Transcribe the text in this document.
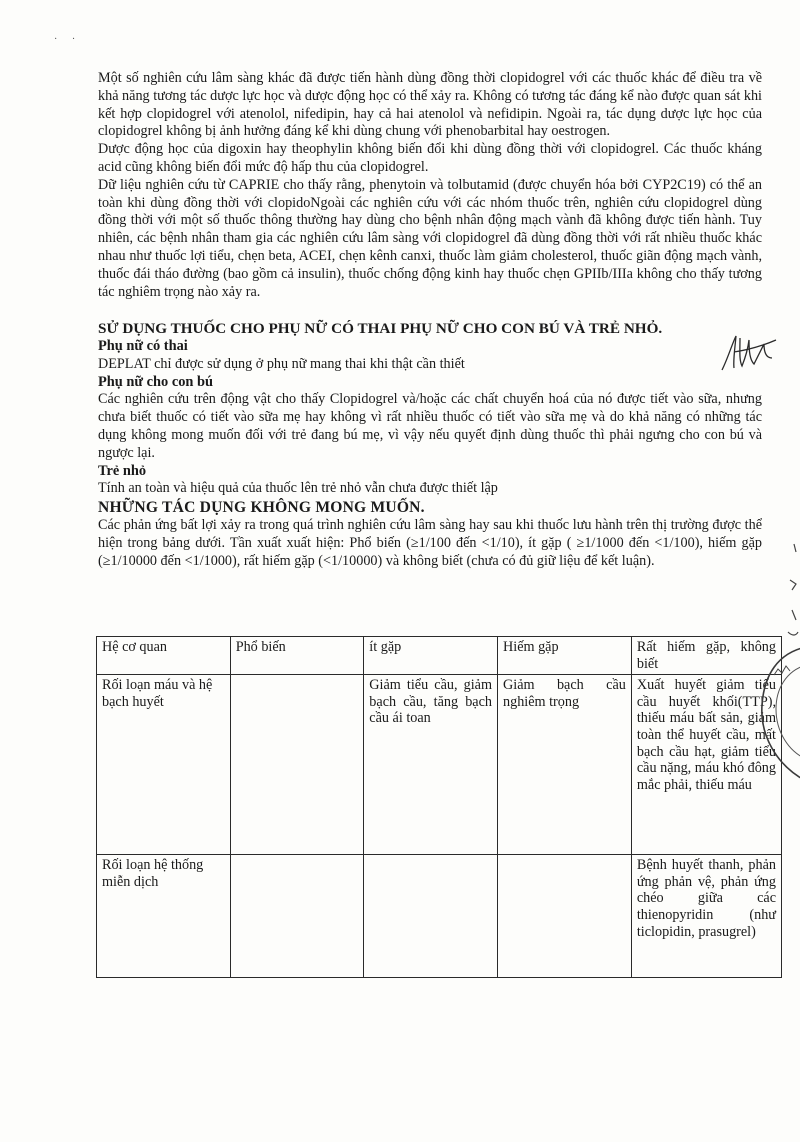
· ·

Một số nghiên cứu lâm sàng khác đã được tiến hành dùng đồng thời clopidogrel với các thuốc khác để điều tra về khả năng tương tác dược lực học và dược động học có thể xảy ra. Không có tương tác đáng kể nào được quan sát khi kết hợp clopidogrel với atenolol, nifedipin, hay cả hai atenolol và nefidipin. Ngoài ra, tác dụng dược lực học của clopidogrel không bị ảnh hưởng đáng kể khi dùng chung với phenobarbital hay oestrogen.

Dược động học của digoxin hay theophylin không biến đổi khi dùng đồng thời với clopidogrel. Các thuốc kháng acid cũng không biến đổi mức độ hấp thu của clopidogrel.

Dữ liệu nghiên cứu từ CAPRIE cho thấy rằng, phenytoin và tolbutamid (được chuyển hóa bởi CYP2C19) có thể an toàn khi dùng đồng thời với clopidoNgoài các nghiên cứu với các nhóm thuốc trên, nghiên cứu clopidogrel dùng đồng thời với một số thuốc thông thường hay dùng cho bệnh nhân động mạch vành đã không được tiến hành. Tuy nhiên, các bệnh nhân tham gia các nghiên cứu lâm sàng với clopidogrel đã dùng đồng thời với rất nhiều thuốc khác nhau như thuốc lợi tiểu, chẹn beta, ACEI, chẹn kênh canxi, thuốc làm giảm cholesterol, thuốc giãn động mạch vành, thuốc đái tháo đường (bao gồm cả insulin), thuốc chống động kinh hay thuốc chẹn GPIIb/IIIa không cho thấy tương tác nghiêm trọng nào xảy ra.

SỬ DỤNG THUỐC CHO PHỤ NỮ CÓ THAI PHỤ NỮ CHO CON BÚ VÀ TRẺ NHỎ.

Phụ nữ có thai

DEPLAT chỉ được sử dụng ở phụ nữ mang thai khi thật cần thiết

Phụ nữ cho con bú

Các nghiên cứu trên động vật cho thấy Clopidogrel và/hoặc các chất chuyển hoá của nó được tiết vào sữa, nhưng chưa biết thuốc có tiết vào sữa mẹ hay không vì rất nhiều thuốc có tiết vào sữa mẹ và do khả năng có những tác dụng không mong muốn đối với trẻ đang bú mẹ, vì vậy nếu quyết định dùng thuốc thì phải ngưng cho con bú và ngược lại.

Trẻ nhỏ

Tính an toàn và hiệu quả của thuốc lên trẻ nhỏ vẫn chưa được thiết lập

NHỮNG TÁC DỤNG KHÔNG MONG MUỐN.

Các phản ứng bất lợi xảy ra trong quá trình nghiên cứu lâm sàng hay sau khi thuốc lưu hành trên thị trường được thể hiện trong bảng dưới. Tần xuất xuất hiện: Phổ biến (≥1/100 đến <1/10), ít gặp ( ≥1/1000 đến <1/100), hiếm gặp (≥1/10000 đến <1/1000), rất hiếm gặp (<1/10000) và không biết (chưa có đủ giữ liệu để kết luận).

Hệ cơ quan	Phổ biến	ít gặp	Hiếm gặp	Rất hiếm gặp, không biết
Rối loạn máu và hệ bạch huyết		Giảm tiểu cầu, giảm bạch cầu, tăng bạch cầu ái toan	Giảm bạch cầu nghiêm trọng	Xuất huyết giảm tiểu cầu huyết khối(TTP), thiếu máu bất sản, giảm toàn thể huyết cầu, mất bạch cầu hạt, giảm tiểu cầu nặng, máu khó đông mắc phải, thiếu máu
Rối loạn hệ thống miễn dịch				Bệnh huyết thanh, phản ứng phản vệ, phản ứng chéo giữa các thienopyridin (như ticlopidin, prasugrel)
